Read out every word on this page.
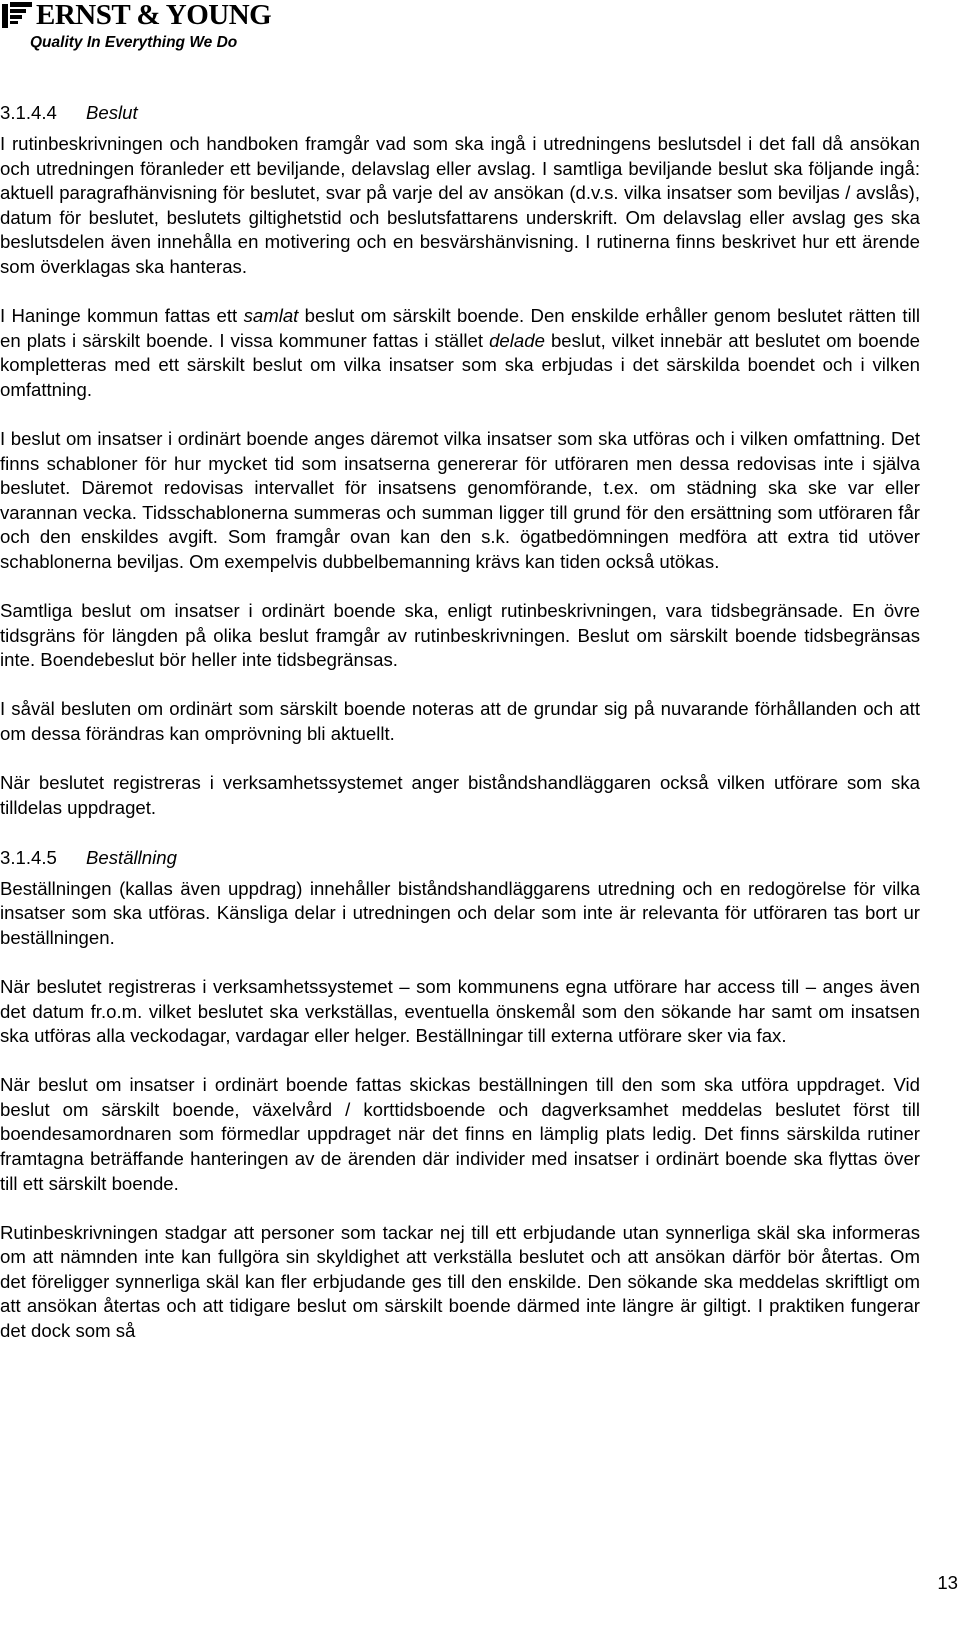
ERNST & YOUNG
Quality In Everything We Do
3.1.4.4 Beslut

I rutinbeskrivningen och handboken framgår vad som ska ingå i utredningens beslutsdel i det fall då ansökan och utredningen föranleder ett beviljande, delavslag eller avslag. I samtliga beviljande beslut ska följande ingå: aktuell paragrafhänvisning för beslutet, svar på varje del av ansökan (d.v.s. vilka insatser som beviljas / avslås), datum för beslutet, beslutets giltighetstid och beslutsfattarens underskrift. Om delavslag eller avslag ges ska beslutsdelen även innehålla en motivering och en besvärshänvisning. I rutinerna finns beskrivet hur ett ärende som överklagas ska hanteras.

I Haninge kommun fattas ett samlat beslut om särskilt boende. Den enskilde erhåller genom beslutet rätten till en plats i särskilt boende. I vissa kommuner fattas i stället delade beslut, vilket innebär att beslutet om boende kompletteras med ett särskilt beslut om vilka insatser som ska erbjudas i det särskilda boendet och i vilken omfattning.

I beslut om insatser i ordinärt boende anges däremot vilka insatser som ska utföras och i vilken omfattning. Det finns schabloner för hur mycket tid som insatserna genererar för utföraren men dessa redovisas inte i själva beslutet. Däremot redovisas intervallet för insatsens genomförande, t.ex. om städning ska ske var eller varannan vecka. Tidsschablonerna summeras och summan ligger till grund för den ersättning som utföraren får och den enskildes avgift. Som framgår ovan kan den s.k. ögatbedömningen medföra att extra tid utöver schablonerna beviljas. Om exempelvis dubbelbemanning krävs kan tiden också utökas.

Samtliga beslut om insatser i ordinärt boende ska, enligt rutinbeskrivningen, vara tidsbegränsade. En övre tidsgräns för längden på olika beslut framgår av rutinbeskrivningen. Beslut om särskilt boende tidsbegränsas inte. Boendebeslut bör heller inte tidsbegränsas.

I såväl besluten om ordinärt som särskilt boende noteras att de grundar sig på nuvarande förhållanden och att om dessa förändras kan omprövning bli aktuellt.

När beslutet registreras i verksamhetssystemet anger biståndshandläggaren också vilken utförare som ska tilldelas uppdraget.

3.1.4.5 Beställning

Beställningen (kallas även uppdrag) innehåller biståndshandläggarens utredning och en redogörelse för vilka insatser som ska utföras. Känsliga delar i utredningen och delar som inte är relevanta för utföraren tas bort ur beställningen.

När beslutet registreras i verksamhetssystemet – som kommunens egna utförare har access till – anges även det datum fr.o.m. vilket beslutet ska verkställas, eventuella önskemål som den sökande har samt om insatsen ska utföras alla veckodagar, vardagar eller helger. Beställningar till externa utförare sker via fax.

När beslut om insatser i ordinärt boende fattas skickas beställningen till den som ska utföra uppdraget. Vid beslut om särskilt boende, växelvård / korttidsboende och dagverksamhet meddelas beslutet först till boendesamordnaren som förmedlar uppdraget när det finns en lämplig plats ledig. Det finns särskilda rutiner framtagna beträffande hanteringen av de ärenden där individer med insatser i ordinärt boende ska flyttas över till ett särskilt boende.

Rutinbeskrivningen stadgar att personer som tackar nej till ett erbjudande utan synnerliga skäl ska informeras om att nämnden inte kan fullgöra sin skyldighet att verkställa beslutet och att ansökan därför bör återtas. Om det föreligger synnerliga skäl kan fler erbjudande ges till den enskilde. Den sökande ska meddelas skriftligt om att ansökan återtas och att tidigare beslut om särskilt boende därmed inte längre är giltigt. I praktiken fungerar det dock som så

13
